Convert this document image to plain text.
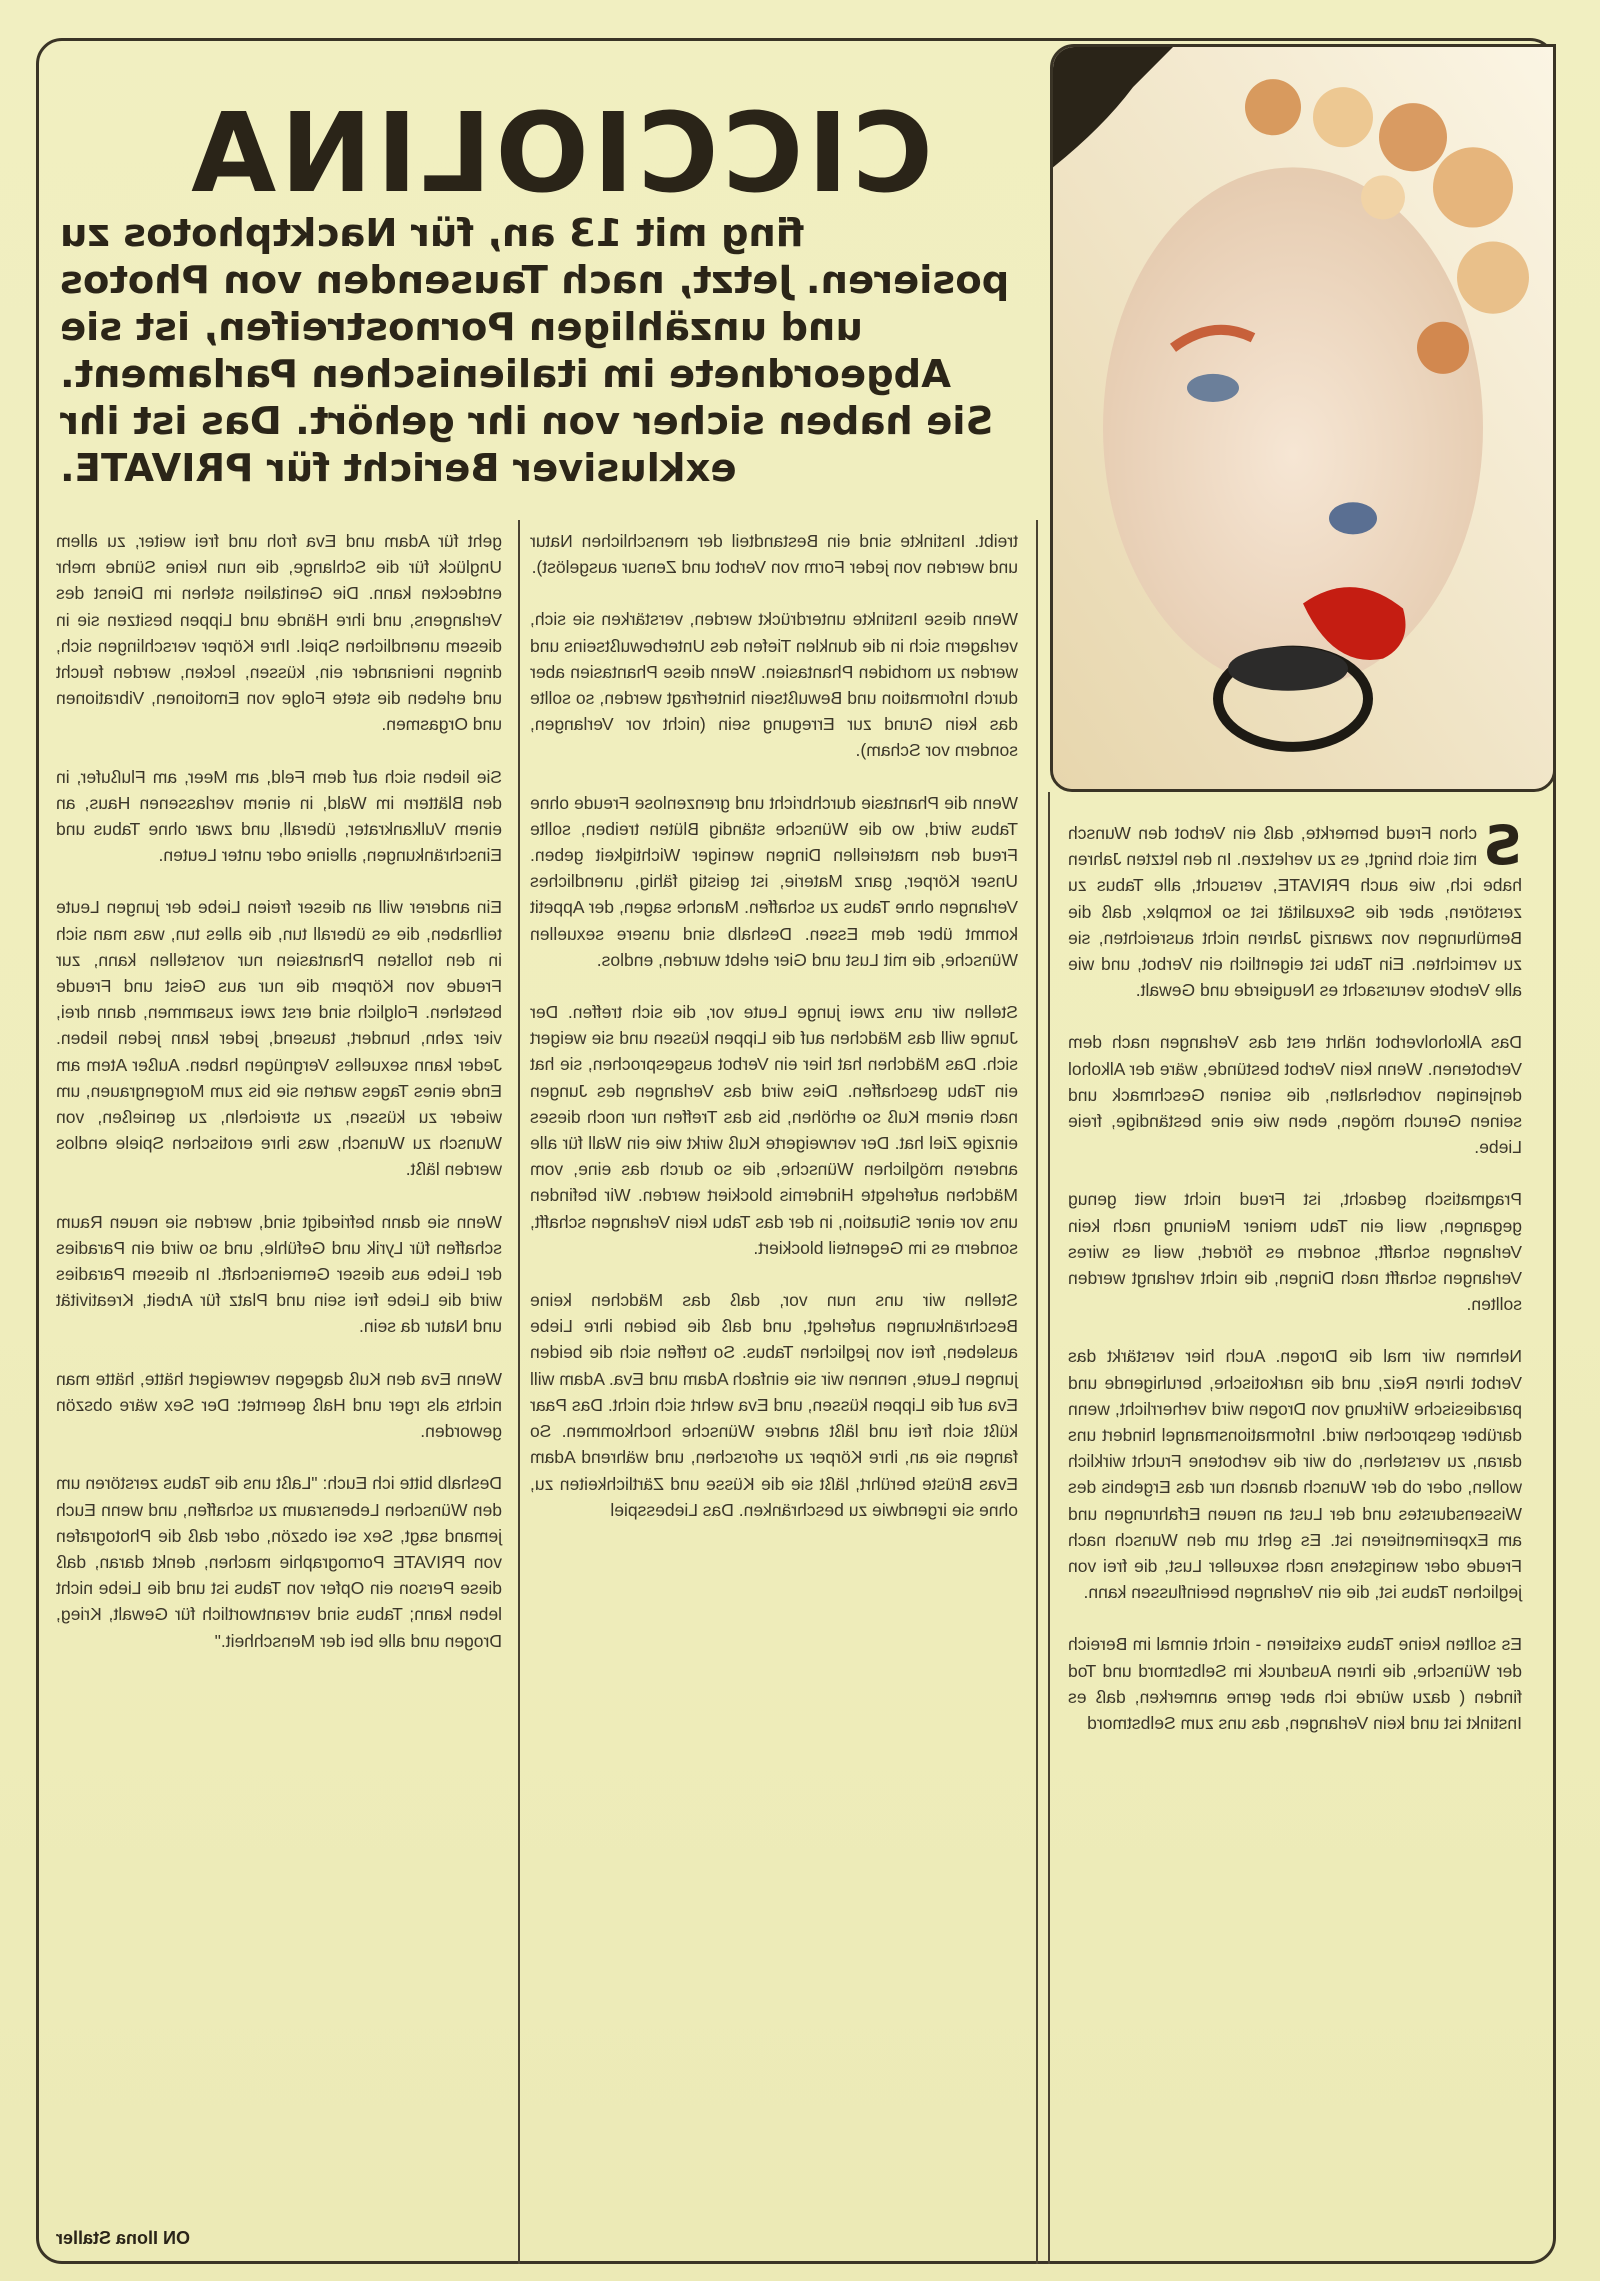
CICCIOLINA
fing mit 13 an, für Nacktphotos zu posieren. Jetzt, nach Tausenden von Photos und unzähligen Pornostreifen, ist sie Abgeordnete im italienischen Parlament. Sie haben sicher von ihr gehört. Das ist ihr exklusiver Bericht für PRIVATE.

S
chon Freud bemerkte, daß ein Verbot den Wunsch mit sich bringt, es zu verletzen. In den letzten Jahren habe ich, wie auch PRIVATE, versucht, alle Tabus zu zerstören, aber die Sexualität ist so komplex, daß die Bemühungen von zwanzig Jahren nicht ausreichten, sie zu vernichten. Ein Tabu ist eigentlich ein Verbot, und wie alle Verbote verursacht es Neugierde und Gewalt.

Das Alkoholverbot nährt erst das Verlangen nach dem Verbotenen. Wenn kein Verbot bestünde, wäre der Alkohol denjenigen vorbehalten, die seinen Geschmack und seinen Geruch mögen, eben wie eine beständige, freie Liebe.

Pragmatisch gedacht, ist Freud nicht weit genug gegangen, weil ein Tabu meiner Meinung nach kein Verlangen schafft, sondern es fördert, weil es wires Verlangen schafft nach Dingen, die nicht verlangt werden sollten.

Nehmen wir mal die Drogen. Auch hier verstärkt das Verbot ihren Reiz, und die narkotische, beruhigende und paradiesische Wirkung von Drogen wird verherrlicht, wenn darüber gesprochen wird. Informationsmangel hindert uns daran, zu verstehen, ob wir die verbotene Frucht wirklich wollen, oder ob der Wunsch danach nur das Ergebnis des Wissensdurstes und der Lust an neuen Erfahrungen und am Experimentieren ist. Es geht um den Wunsch nach Freude oder wenigstens nach sexueller Lust, die frei von jeglichen Tabus ist, die ein Verlangen beeinflussen kann.

Es sollten keine Tabus existieren - nicht einmal im Bereich der Wünsche, die ihren Ausdruck im Selbstmord und Tod finden ( dazu würde ich aber gerne anmerken, daß es Instinkt ist und kein Verlangen, das uns zum Selbstmord

treibt. Instinkte sind ein Bestandteil der menschlichen Natur und werden von jeder Form von Verbot und Zensur ausgelöst).

Wenn diese Instinkte unterdrückt werden, verstärken sie sich, verlagern sich in die dunklen Tiefen des Unterbewußtseins und werden zu morbiden Phantasien. Wenn diese Phantasien aber durch Information und Bewußtsein hinterfragt werden, so sollte das kein Grund zur Erregung sein (nicht vor Verlangen, sondern vor Scham).

Wenn die Phantasie durchbricht und grenzenlose Freude ohne Tabus wird, wo die Wünsche ständig Blüten treiben, sollte Freud den materiellen Dingen weniger Wichtigkeit geben. Unser Körper, ganz Materie, ist geistig fähig, unendliches Verlangen ohne Tabus zu schaffen. Manche sagen, der Appetit kommt über dem Essen. Deshalb sind unsere sexuellen Wünsche, die mit Lust und Gier erlebt wurden, endlos.

Stellen wir uns zwei junge Leute vor, die sich treffen. Der Junge will das Mädchen auf die Lippen küssen und sie weigert sich. Das Mädchen hat hier ein Verbot ausgesprochen, sie hat ein Tabu geschaffen. Dies wird das Verlangen des Jungen nach einem Kuß so erhöhen, bis das Treffen nur noch dieses einzige Ziel hat. Der verweigerte Kuß wirkt wie ein Wall für alle anderen möglichen Wünsche, die so durch das eine, vom Mädchen auferlegte Hindernis blockiert werden. Wir befinden uns vor einer Situation, in der das Tabu kein Verlangen schafft, sondern es im Gegenteil blockiert.

Stellen wir uns nun vor, daß das Mädchen keine Beschränkungen auferlegt, und daß die beiden ihre Liebe ausleben, frei von jeglichen Tabus. So treffen sich die beiden jungen Leute, nennen wir sie einfach Adam und Eva. Adam will Eva auf die Lippen küssen, und Eva wehrt sich nicht. Das Paar küßt sich frei und läßt andere Wünsche hochkommen. So fangen sie an, ihre Körper zu erforschen, und während Adam Evas Brüste berührt, läßt sie die Küsse und Zärtlichkeiten zu, ohne sie irgendwie zu beschränken. Das Liebesspiel

geht für Adam und Eva froh und frei weiter, zu allem Unglück für die Schlange, die nun keine Sünde mehr entdecken kann. Die Genitalien stehen im Dienst des Verlangens, und ihre Hände und Lippen besitzen sie in diesem unendlichen Spiel. Ihre Körper verschlingen sich, dringen ineinander ein, küssen, lecken, werden feucht und erleben die stete Folge von Emotionen, Vibrationen und Orgasmen.

Sie lieben sich auf dem Feld, am Meer, am Flußufer, in den Blättern im Wald, in einem verlassenen Haus, an einem Vulkankrater, überall, und zwar ohne Tabus und Einschränkungen, alleine oder unter Leuten.

Ein anderer will an dieser freien Liebe der jungen Leute teilhaben, die es überall tun, die alles tun, was man sich in den tollsten Phantasien nur vorstellen kann, zur Freude von Körpern die nur aus Geist und Freude bestehen. Folglich sind erst zwei zusammen, dann drei, vier zehn, hundert, tausend, jeder kann jeden lieben. Jeder kann sexuelles Vergnügen haben. Außer Atem am Ende eines Tages warten sie bis zum Morgengrauen, um wieder zu küssen, zu streicheln, zu genießen, von Wunsch zu Wunsch, was ihre erotischen Spiele endlos werden läßt.

Wenn sie dann befriedigt sind, werden sie neuen Raum schaffen für Lyrik und Gefühle, und so wird ein Paradies der Liebe aus dieser Gemeinschaft. In diesem Paradies wird die Liebe frei sein und Platz für Arbeit, Kreativität und Natur da sein.

Wenn Eva den Kuß dagegen verweigert hätte, hätte man nichts als rger und Haß geerntet: Der Sex wäre obszön geworden.

Deshalb bitte ich Euch: "Laßt uns die Tabus zerstören um den Wünschen Lebensraum zu schaffen, und wenn Euch jemand sagt, Sex sei obszön, oder daß die Photografen von PRIVATE Pornographie machen, denkt daran, daß diese Person ein Opfer von Tabus ist und die Liebe nicht leben kann; Tabus sind verantwortlich für Gewalt, Krieg, Drogen und alle bei der Menschheit."

ON Ilona Staller
